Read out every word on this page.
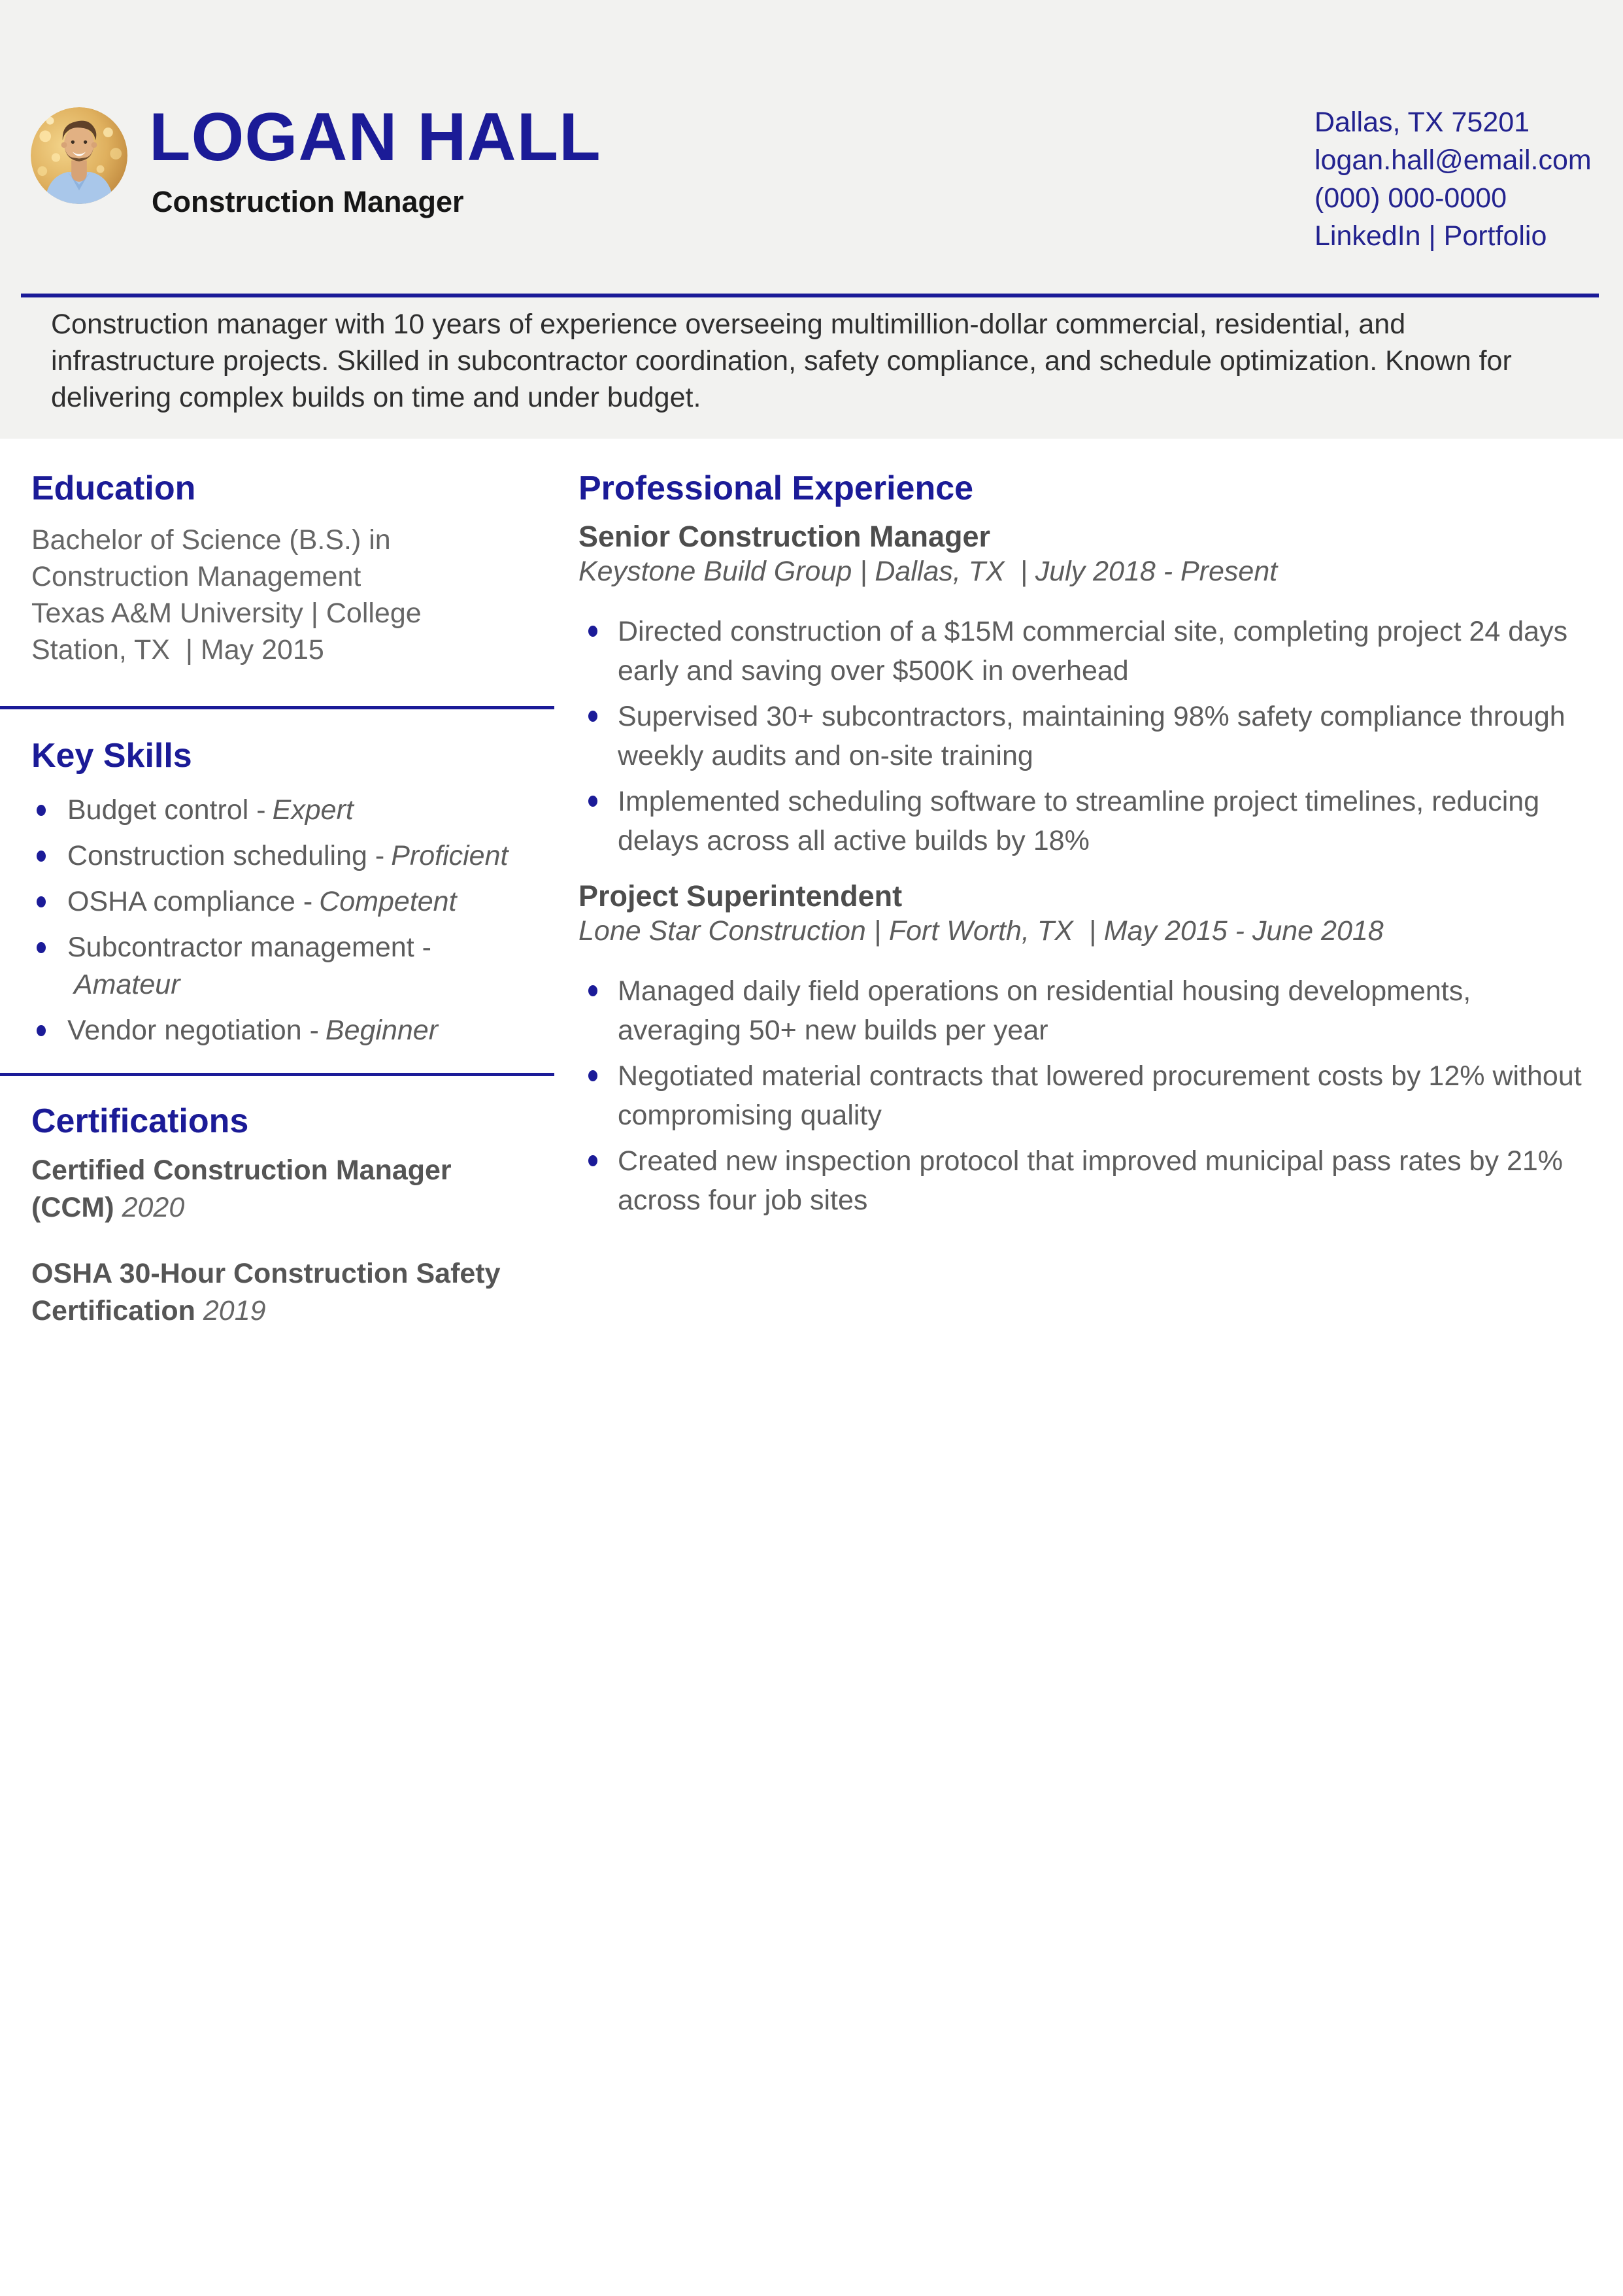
LOGAN HALL
Construction Manager
Dallas, TX 75201
logan.hall@email.com
(000) 000-0000
LinkedIn | Portfolio
Construction manager with 10 years of experience overseeing multimillion-dollar commercial, residential, and infrastructure projects. Skilled in subcontractor coordination, safety compliance, and schedule optimization. Known for delivering complex builds on time and under budget.
Education
Bachelor of Science (B.S.) in Construction Management
Texas A&M University | College Station, TX  | May 2015
Key Skills
Budget control - Expert
Construction scheduling - Proficient
OSHA compliance - Competent
Subcontractor management -Amateur
Vendor negotiation - Beginner
Certifications
Certified Construction Manager (CCM) 2020
OSHA 30-Hour Construction Safety Certification 2019
Professional Experience
Senior Construction Manager
Keystone Build Group | Dallas, TX  | July 2018 - Present
Directed construction of a $15M commercial site, completing project 24 days early and saving over $500K in overhead
Supervised 30+ subcontractors, maintaining 98% safety compliance through weekly audits and on-site training
Implemented scheduling software to streamline project timelines, reducing delays across all active builds by 18%
Project Superintendent
Lone Star Construction | Fort Worth, TX  | May 2015 - June 2018
Managed daily field operations on residential housing developments, averaging 50+ new builds per year
Negotiated material contracts that lowered procurement costs by 12% without compromising quality
Created new inspection protocol that improved municipal pass rates by 21% across four job sites
